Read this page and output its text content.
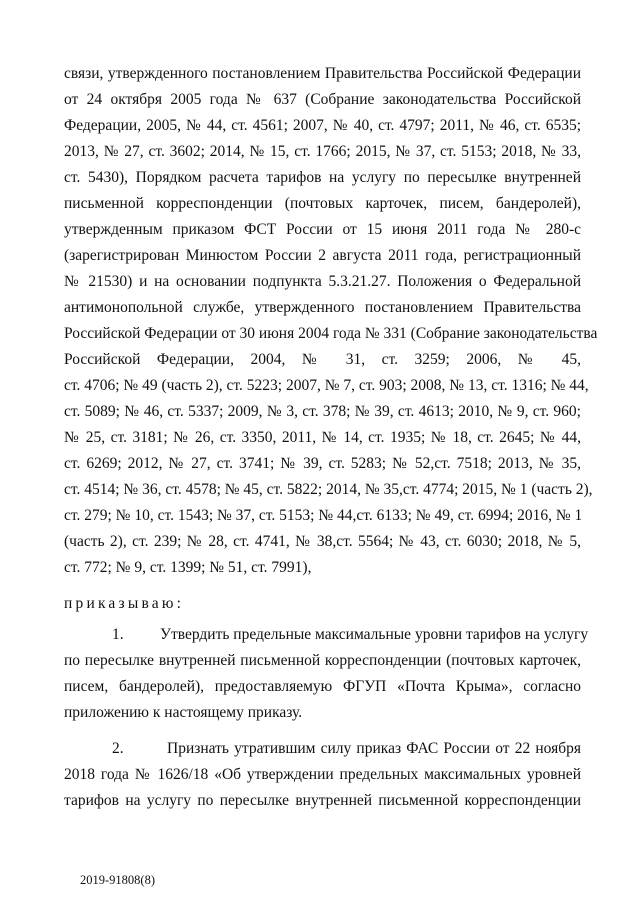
связи, утвержденного постановлением Правительства Российской Федерации
от 24 октября 2005 года № 637 (Собрание законодательства Российской
Федерации, 2005, № 44, ст. 4561; 2007, № 40, ст. 4797; 2011, № 46, ст. 6535;
2013, № 27, ст. 3602; 2014, № 15, ст. 1766; 2015, № 37, ст. 5153; 2018, № 33,
ст. 5430), Порядком расчета тарифов на услугу по пересылке внутренней
письменной корреспонденции (почтовых карточек, писем, бандеролей),
утвержденным приказом ФСТ России от 15 июня 2011 года № 280-с
(зарегистрирован Минюстом России 2 августа 2011 года, регистрационный
№ 21530) и на основании подпункта 5.3.21.27. Положения о Федеральной
антимонопольной службе, утвержденного постановлением Правительства
Российской Федерации от 30 июня 2004 года № 331 (Собрание законодательства
Российской Федерации, 2004, № 31, ст. 3259; 2006, № 45,
ст. 4706; № 49 (часть 2), ст. 5223; 2007, № 7, ст. 903; 2008, № 13, ст. 1316; № 44,
ст. 5089; № 46, ст. 5337; 2009, № 3, ст. 378; № 39, ст. 4613; 2010, № 9, ст. 960;
№ 25, ст. 3181; № 26, ст. 3350, 2011, № 14, ст. 1935; № 18, ст. 2645; № 44,
ст. 6269; 2012, № 27, ст. 3741; № 39, ст. 5283; № 52,ст. 7518; 2013, № 35,
ст. 4514; № 36, ст. 4578; № 45, ст. 5822; 2014, № 35,ст. 4774; 2015, № 1 (часть 2),
ст. 279; № 10, ст. 1543; № 37, ст. 5153; № 44,ст. 6133; № 49, ст. 6994; 2016, № 1
(часть 2), ст. 239; № 28, ст. 4741, № 38,ст. 5564; № 43, ст. 6030; 2018, № 5,
ст. 772; № 9, ст. 1399; № 51, ст. 7991),
приказываю:
1.	Утвердить предельные максимальные уровни тарифов на услугу
по пересылке внутренней письменной корреспонденции (почтовых карточек,
писем, бандеролей), предоставляемую ФГУП «Почта Крыма», согласно
приложению к настоящему приказу.
2.	Признать утратившим силу приказ ФАС России от 22 ноября
2018 года № 1626/18 «Об утверждении предельных максимальных уровней
тарифов на услугу по пересылке внутренней письменной корреспонденции
2019-91808(8)
